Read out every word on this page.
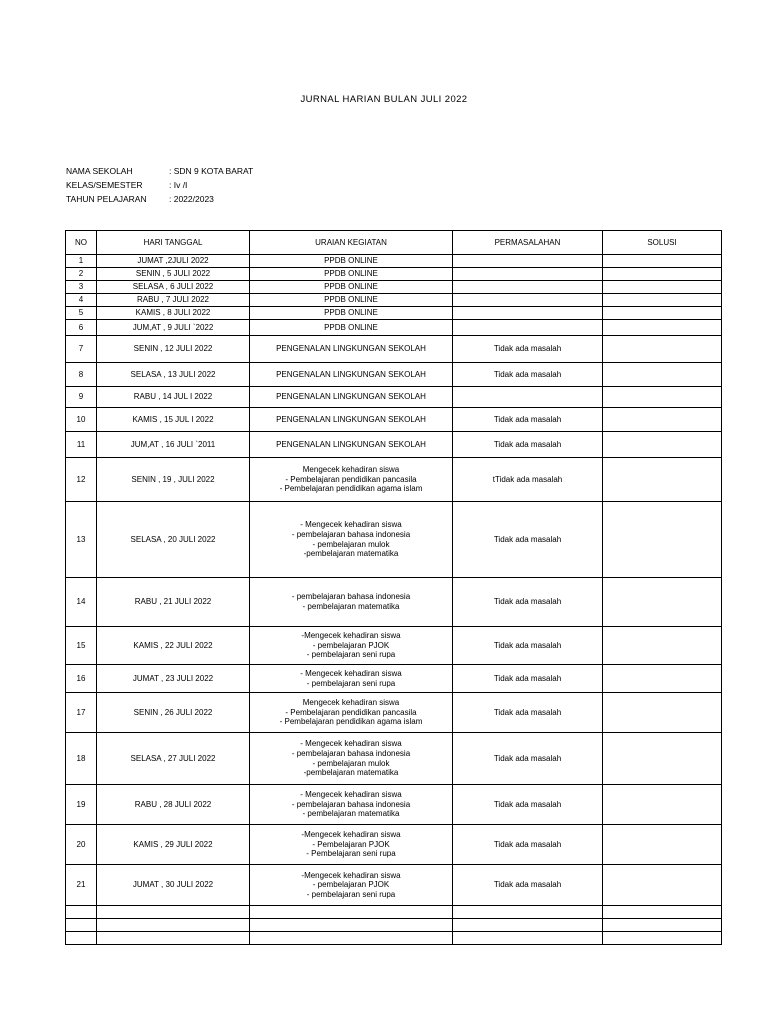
JURNAL HARIAN BULAN JULI 2022
NAMA SEKOLAH	: SDN 9 KOTA BARAT
KELAS/SEMESTER	: Iv /I
TAHUN PELAJARAN	: 2022/2023
NO	HARI TANGGAL	URAIAN KEGIATAN	PERMASALAHAN	SOLUSI
1	JUMAT ,2JULI 2022	PPDB ONLINE		

2	SENIN , 5 JULI 2022	PPDB ONLINE		

3	SELASA , 6 JULI 2022	PPDB ONLINE		

4	RABU , 7 JULI 2022	PPDB ONLINE		

5	KAMIS , 8 JULI 2022	PPDB ONLINE		

6	JUM,AT , 9 JULI `2022	PPDB ONLINE		

7	SENIN , 12 JULI 2022	PENGENALAN LINGKUNGAN SEKOLAH	Tidak ada masalah	
8	SELASA , 13 JULI 2022	PENGENALAN LINGKUNGAN SEKOLAH	Tidak ada masalah	
9	RABU , 14 JUL I 2022	PENGENALAN LINGKUNGAN SEKOLAH		

10	KAMIS , 15 JUL I 2022	PENGENALAN LINGKUNGAN SEKOLAH	Tidak ada masalah	
11	JUM,AT , 16 JULI `2011	PENGENALAN LINGKUNGAN SEKOLAH	Tidak ada masalah	
12	SENIN , 19 , JULI 2022	Mengecek kehadiran siswa
- Pembelajaran pendidikan pancasila
- Pembelajaran pendidikan agama islam	tTidak ada masalah	
13	SELASA , 20 JULI 2022	- Mengecek kehadiran siswa
- pembelajaran bahasa indonesia
- pembelajaran mulok
-pembelajaran matematika	Tidak ada masalah	
14	RABU , 21 JULI 2022	- pembelajaran bahasa indonesia
- pembelajaran matematika	Tidak ada masalah	
15	KAMIS , 22 JULI 2022	-Mengecek kehadiran siswa
- pembelajaran PJOK
- pembelajaran seni rupa	Tidak ada masalah	
16	JUMAT , 23 JULI 2022	- Mengecek kehadiran siswa
- pembelajaran seni rupa	Tidak ada masalah	
17	SENIN , 26 JULI 2022	Mengecek kehadiran siswa
- Pembelajaran pendidikan pancasila
- Pembelajaran pendidikan agama islam	Tidak ada masalah	
18	SELASA , 27 JULI 2022	- Mengecek kehadiran siswa
- pembelajaran bahasa indonesia
- pembelajaran mulok
-pembelajaran matematika	Tidak ada masalah	
19	RABU , 28 JULI 2022	- Mengecek kehadiran siswa
- pembelajaran bahasa indonesia
- pembelajaran matematika	Tidak ada masalah	
20	KAMIS , 29 JULI 2022	-Mengecek kehadiran siswa
- Pembelajaran PJOK
- Pembelajaran seni rupa	Tidak ada masalah	
21	JUMAT , 30 JULI 2022	-Mengecek kehadiran siswa
- pembelajaran PJOK
- pembelajaran seni rupa	Tidak ada masalah	
